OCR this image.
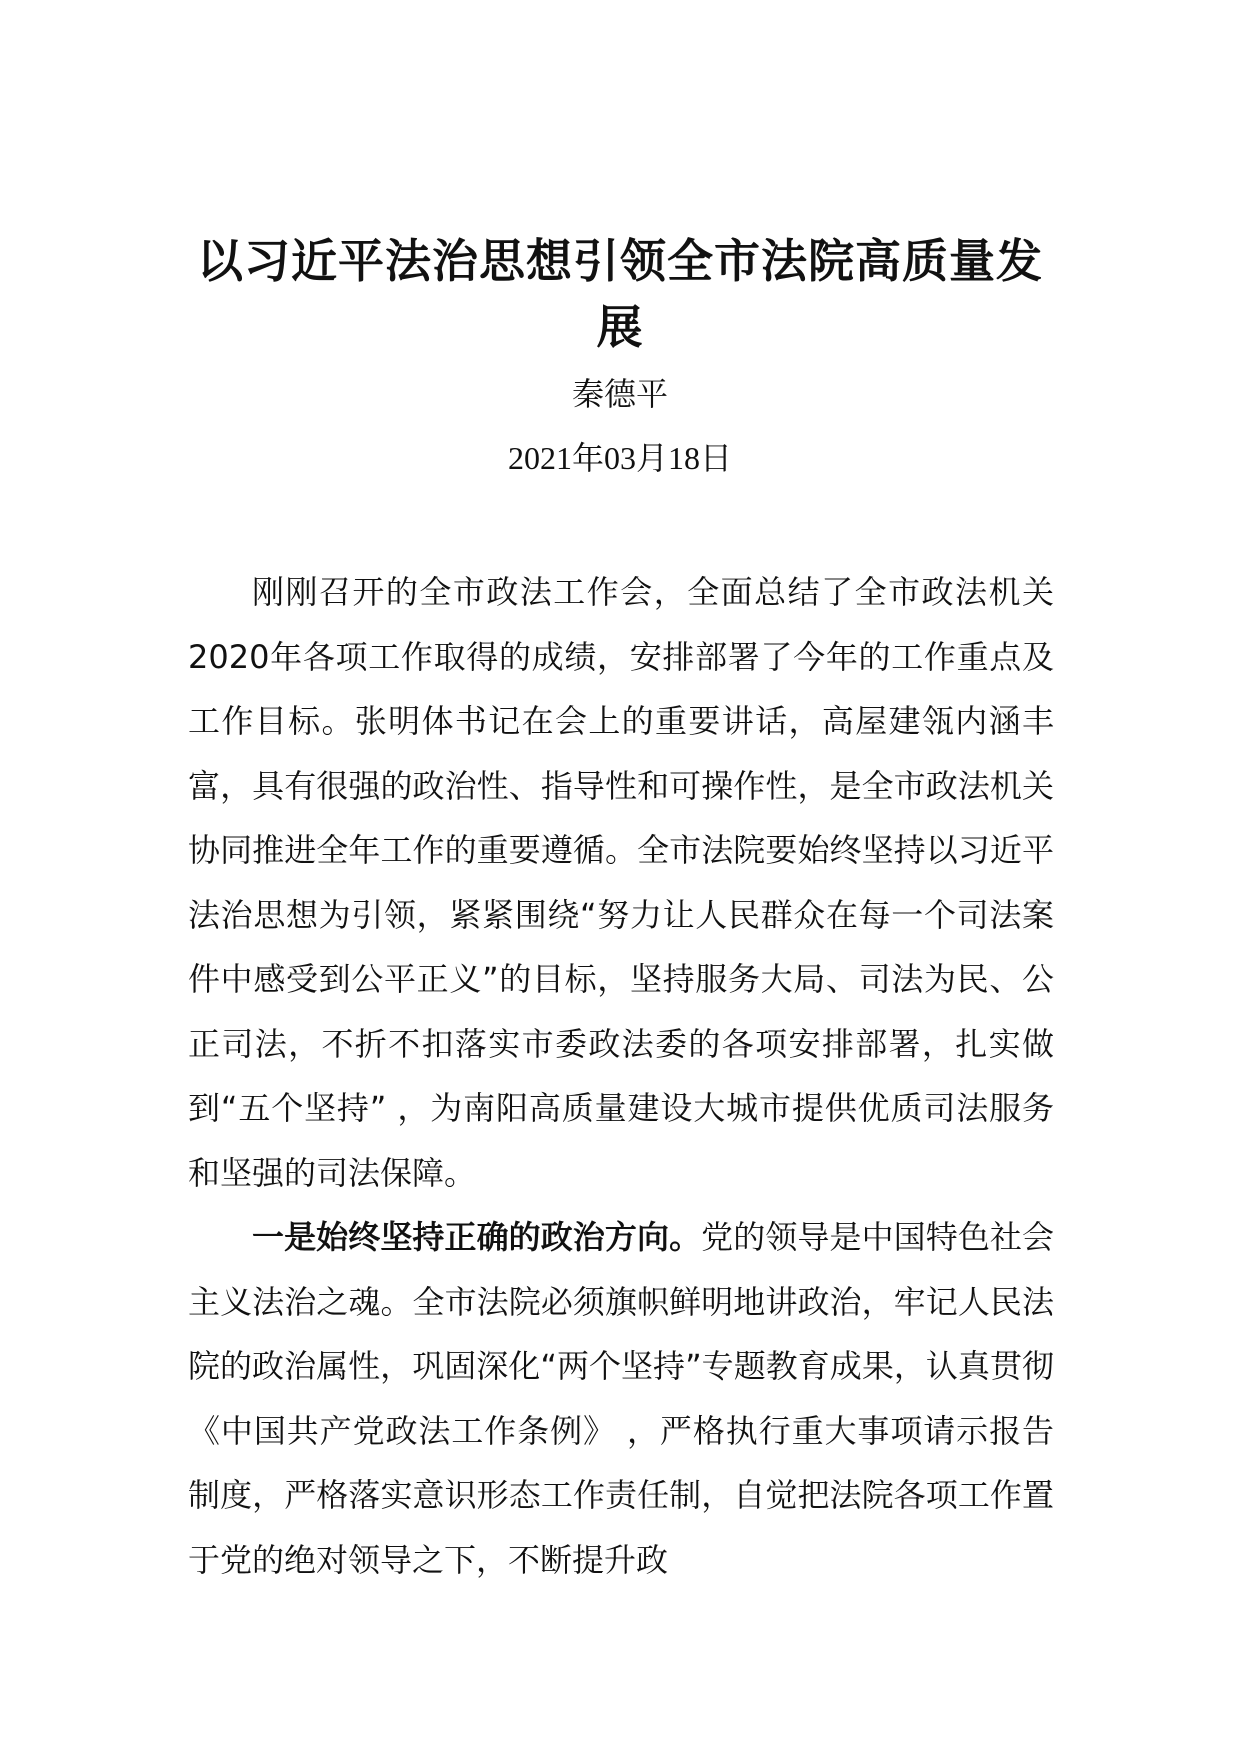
以习近平法治思想引领全市法院高质量发展
秦德平
2021年03月18日

刚刚召开的全市政法工作会，全面总结了全市政法机关2020年各项工作取得的成绩，安排部署了今年的工作重点及工作目标。张明体书记在会上的重要讲话，高屋建瓴内涵丰富，具有很强的政治性、指导性和可操作性，是全市政法机关协同推进全年工作的重要遵循。全市法院要始终坚持以习近平法治思想为引领，紧紧围绕“努力让人民群众在每一个司法案件中感受到公平正义”的目标，坚持服务大局、司法为民、公正司法，不折不扣落实市委政法委的各项安排部署，扎实做到“五个坚持” ，为南阳高质量建设大城市提供优质司法服务和坚强的司法保障。

一是始终坚持正确的政治方向。党的领导是中国特色社会主义法治之魂。全市法院必须旗帜鲜明地讲政治，牢记人民法院的政治属性，巩固深化“两个坚持”专题教育成果，认真贯彻《中国共产党政法工作条例》 ，严格执行重大事项请示报告制度，严格落实意识形态工作责任制，自觉把法院各项工作置于党的绝对领导之下，不断提升政
